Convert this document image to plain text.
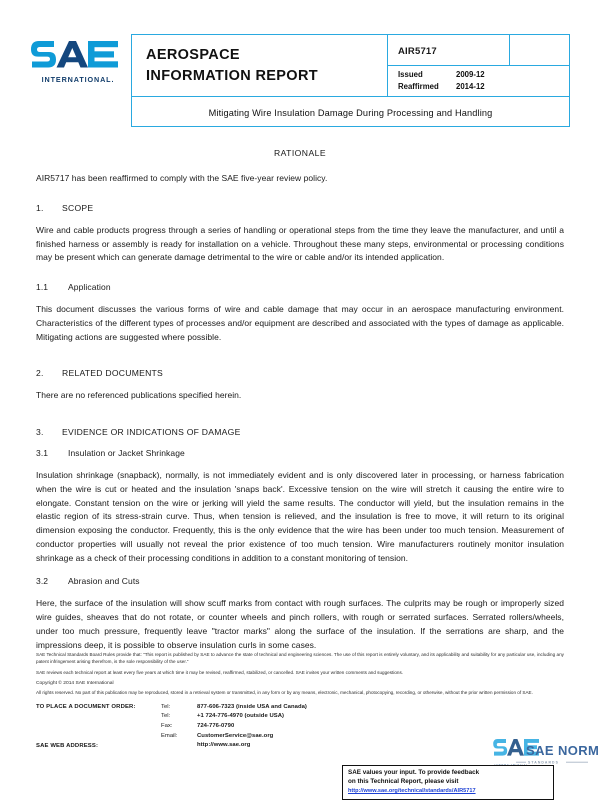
INTERNATIONAL.
AEROSPACE
INFORMATION REPORT
	AIR5717	

Issued	2009-12
Reaffirmed	2014-12

Mitigating Wire Insulation Damage During Processing and Handling
RATIONALE

AIR5717 has been reaffirmed to comply with the SAE five-year review policy.

1. SCOPE

Wire and cable products progress through a series of handling or operational steps from the time they leave the manufacturer, and until a finished harness or assembly is ready for installation on a vehicle. Throughout these many steps, environmental or processing conditions may be present which can generate damage detrimental to the wire or cable and/or its intended application.

1.1 Application

This document discusses the various forms of wire and cable damage that may occur in an aerospace manufacturing environment. Characteristics of the different types of processes and/or equipment are described and associated with the types of damage as applicable. Mitigating actions are suggested where possible.

2. RELATED DOCUMENTS

There are no referenced publications specified herein.

3. EVIDENCE OR INDICATIONS OF DAMAGE
3.1 Insulation or Jacket Shrinkage

Insulation shrinkage (snapback), normally, is not immediately evident and is only discovered later in processing, or harness fabrication when the wire is cut or heated and the insulation 'snaps back'. Excessive tension on the wire will stretch it causing the entire wire to elongate. Constant tension on the wire or jerking will yield the same results. The conductor will yield, but the insulation remains in the elastic region of its stress-strain curve. Thus, when tension is relieved, and the insulation is free to move, it will return to its original dimension exposing the conductor. Frequently, this is the only evidence that the wire has been under too much tension. Measurement of conductor properties will usually not reveal the prior existence of too much tension. Wire manufacturers routinely monitor insulation shrinkage as a check of their processing conditions in addition to a constant monitoring of tension.

3.2 Abrasion and Cuts

Here, the surface of the insulation will show scuff marks from contact with rough surfaces. The culprits may be rough or improperly sized wire guides, sheaves that do not rotate, or counter wheels and pinch rollers, with rough or serrated surfaces. Serrated rollers/wheels, under too much pressure, frequently leave "tractor marks" along the surface of the insulation. If the serrations are sharp, and the impressions deep, it is possible to observe insulation curls in some cases.

SAE Technical Standards Board Rules provide that: “This report is published by SAE to advance the state of technical and engineering sciences. The use of this report is entirely voluntary, and its applicability and suitability for any particular use, including any patent infringement arising therefrom, is the sole responsibility of the user.”

SAE reviews each technical report at least every five years at which time it may be revised, reaffirmed, stabilized, or cancelled. SAE invites your written comments and suggestions.

Copyright © 2014 SAE International

All rights reserved. No part of this publication may be reproduced, stored in a retrieval system or transmitted, in any form or by any means, electronic, mechanical, photocopying, recording, or otherwise, without the prior written permission of SAE.

TO PLACE A DOCUMENT ORDER:
SAE WEB ADDRESS:
Tel:	877-606-7323 (inside USA and Canada)
Tel:	+1 724-776-4970 (outside USA)
Fax:	724-776-0790
Email:	CustomerService@sae.org
http://www.sae.org
SAE values your input. To provide feedback
on this Technical Report, please visit
http://www.sae.org/technical/standards/AIR5717
SAE NORM
STANDARDS
